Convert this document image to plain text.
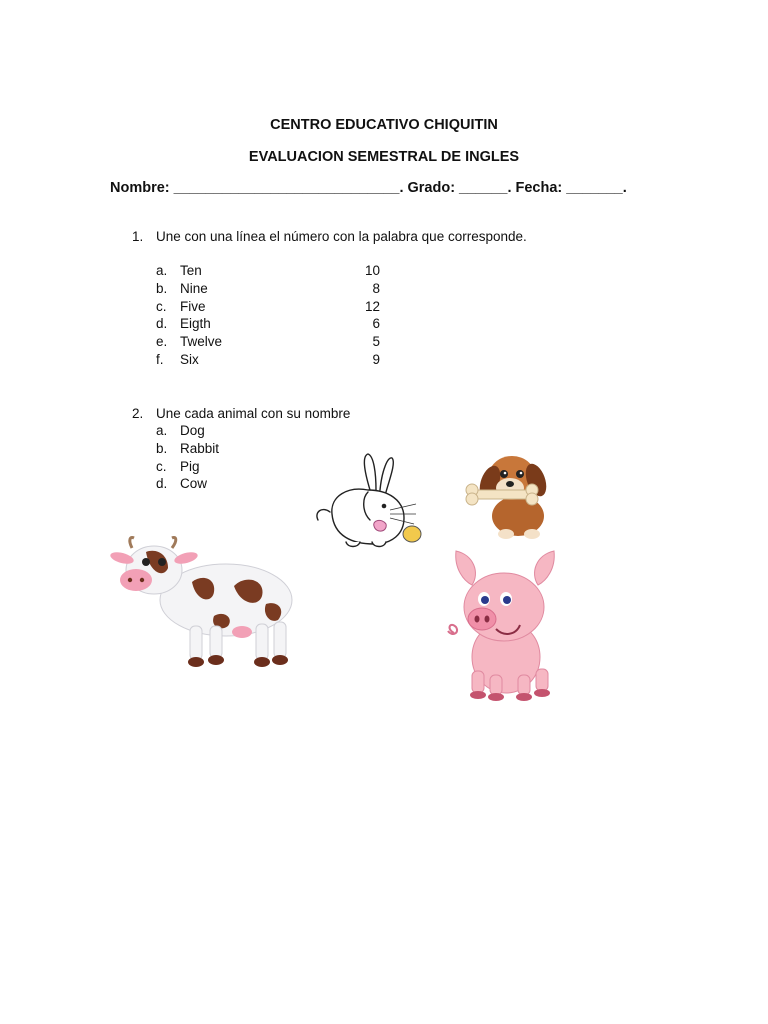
CENTRO EDUCATIVO CHIQUITIN

EVALUACION SEMESTRAL DE INGLES

Nombre: ____________________________. Grado: ______. Fecha: _______.
1. Une con una línea el número con la palabra que corresponde.
a. Ten	10
b. Nine	8
c. Five	12
d. Eigth	6
e. Twelve	5
f. Six	9
2. Une cada animal con su nombre
a. Dog
b. Rabbit
c. Pig
d. Cow
